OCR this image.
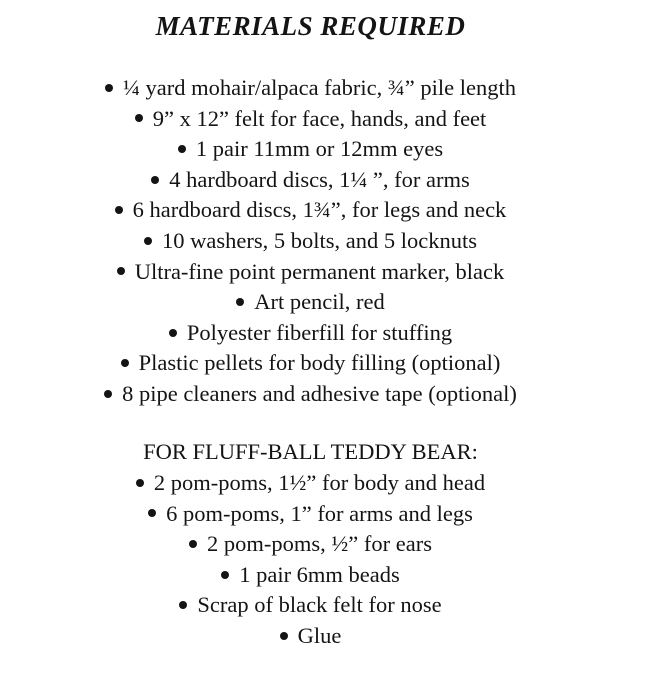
MATERIALS REQUIRED
¼ yard mohair/alpaca fabric, ¾” pile length
9” x 12” felt for face, hands, and feet
1 pair 11mm or 12mm eyes
4 hardboard discs, 1¼ ”, for arms
6 hardboard discs, 1¾”, for legs and neck
10 washers, 5 bolts, and 5 locknuts
Ultra-fine point permanent marker, black
Art pencil, red
Polyester fiberfill for stuffing
Plastic pellets for body filling (optional)
8 pipe cleaners and adhesive tape (optional)
FOR FLUFF-BALL TEDDY BEAR:
2 pom-poms, 1½” for body and head
6 pom-poms, 1” for arms and legs
2 pom-poms, ½” for ears
1 pair 6mm beads
Scrap of black felt for nose
Glue
